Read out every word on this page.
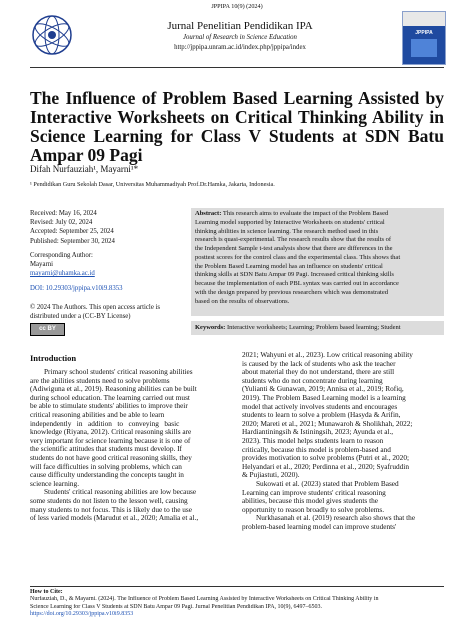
JPPIPA 10(9) (2024)
Jurnal Penelitian Pendidikan IPA
Journal of Research in Science Education
http://jppipa.unram.ac.id/index.php/jppipa/index
JPPIPA
The Influence of Problem Based Learning Assisted by Interactive Worksheets on Critical Thinking Ability in Science Learning for Class V Students at SDN Batu Ampar 09 Pagi
Difah Nurfauziah¹, Mayarni¹*
¹ Pendidikan Guru Sekolah Dasar, Universitas Muhammadiyah Prof.Dr.Hamka, Jakarta, Indonesia.
Received: May 16, 2024
Revised: July 02, 2024
Accepted: September 25, 2024
Published: September 30, 2024
Corresponding Author:
Mayarni
mayarni@uhamka.ac.id
DOI: 10.29303/jppipa.v10i9.8353
© 2024 The Authors. This open access article is
distributed under a (CC-BY License)
cc BY
Abstract: This research aims to evaluate the impact of the Problem Based
Learning model supported by Interactive Worksheets on students' critical
thinking abilities in science learning. The research method used in this
research is quasi-experimental. The research results show that the results of
the Independent Sample t-test analysis show that there are differences in the
posttest scores for the control class and the experimental class. This shows that
the Problem Based Learning model has an influence on students' critical
thinking skills at SDN Batu Ampar 09 Pagi. Increased critical thinking skills
because the implementation of each PBL syntax was carried out in accordance
with the design prepared by previous researchers which was demonstrated
based on the results of observations.
Keywords: Interactive worksheets; Learning; Problem based learning; Student
Introduction
Primary school students' critical reasoning abilities
are the abilities students need to solve problems
(Adiwiguna et al., 2019). Reasoning abilities can be built
during school education. The learning carried out must
be able to stimulate students' abilities to improve their
critical reasoning abilities and be able to learn
independently   in   addition   to   conveying   basic
knowledge (Riyana, 2012). Critical reasoning skills are
very important for science learning because it is one of
the scientific attitudes that students must develop. If
students do not have good critical reasoning skills, they
will face difficulties in solving problems, which can
cause difficulty understanding the concepts taught in
science learning.
Students' critical reasoning abilities are low because
some students do not listen to the lesson well, causing
many students to not focus. This is likely due to the use
of less varied models (Marudut et al., 2020; Amalia et al.,
2021; Wahyuni et al., 2023). Low critical reasoning ability
is caused by the lack of students who ask the teacher
about material they do not understand, there are still
students who do not concentrate during learning
(Yulianti & Gunawan, 2019; Annisa et al., 2019; Rofiq,
2019). The Problem Based Learning model is a learning
model that actively involves students and encourages
students to learn to solve a problem (Hasyda & Arifin,
2020; Mareti et al., 2021; Munawaroh & Sholikhah, 2022;
Hardiantiningsih & Istiningsih, 2023; Ayunda et al.,
2023). This model helps students learn to reason
critically, because this model is problem-based and
provides motivation to solve problems (Putri et al., 2020;
Helyandari et al., 2020; Perdinna et al., 2020; Syafruddin
& Pujiastuti, 2020).
Sukowati et al. (2023) stated that Problem Based
Learning can improve students' critical reasoning
abilities, because this model gives students the
opportunity to reason broadly to solve problems.
Nurkhasanah et al. (2019) research also shows that the
problem-based learning model can improve students'
How to Cite:
Nurfauziah, D., & Mayarni. (2024). The Influence of Problem Based Learning Assisted by Interactive Worksheets on Critical Thinking Ability in
Science Learning for Class V Students at SDN Batu Ampar 09 Pagi. Jurnal Penelitian Pendidikan IPA, 10(9), 6497–6503.
https://doi.org/10.29303/jppipa.v10i9.8353
